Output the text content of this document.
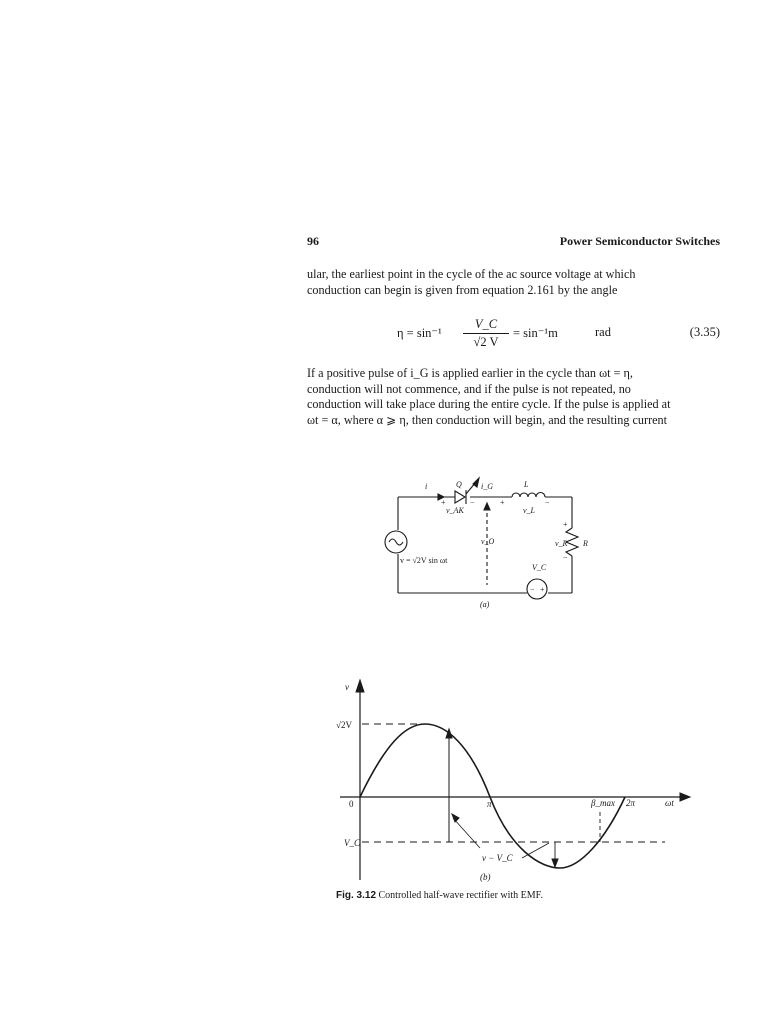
96	Power Semiconductor Switches

ular, the earliest point in the cycle of the ac source voltage at which

conduction can begin is given from equation 2.161 by the angle

$\eta = \sin^{-1} \frac{V\_C}{√2 V} = \sin^{-1}m$	rad	(3.35)

If a positive pulse of i_G is applied earlier in the cycle than ωt = η,

conduction will not commence, and if the pulse is not repeated, no

conduction will take place during the entire cycle. If the pulse is applied at

ωt = α, where α ⩾ η, then conduction will begin, and the resulting current

i	Q i_G	L
v_AK	v_L
v_O	v_R R
V_C
v = √2V sin ωt
+	−	+	−
+
−
− +
(a)
v
√2V
0
V_C
π	2π
β_max	ωt
v − V_C
(b)
Fig. 3.12 Controlled half-wave rectifier with EMF.
